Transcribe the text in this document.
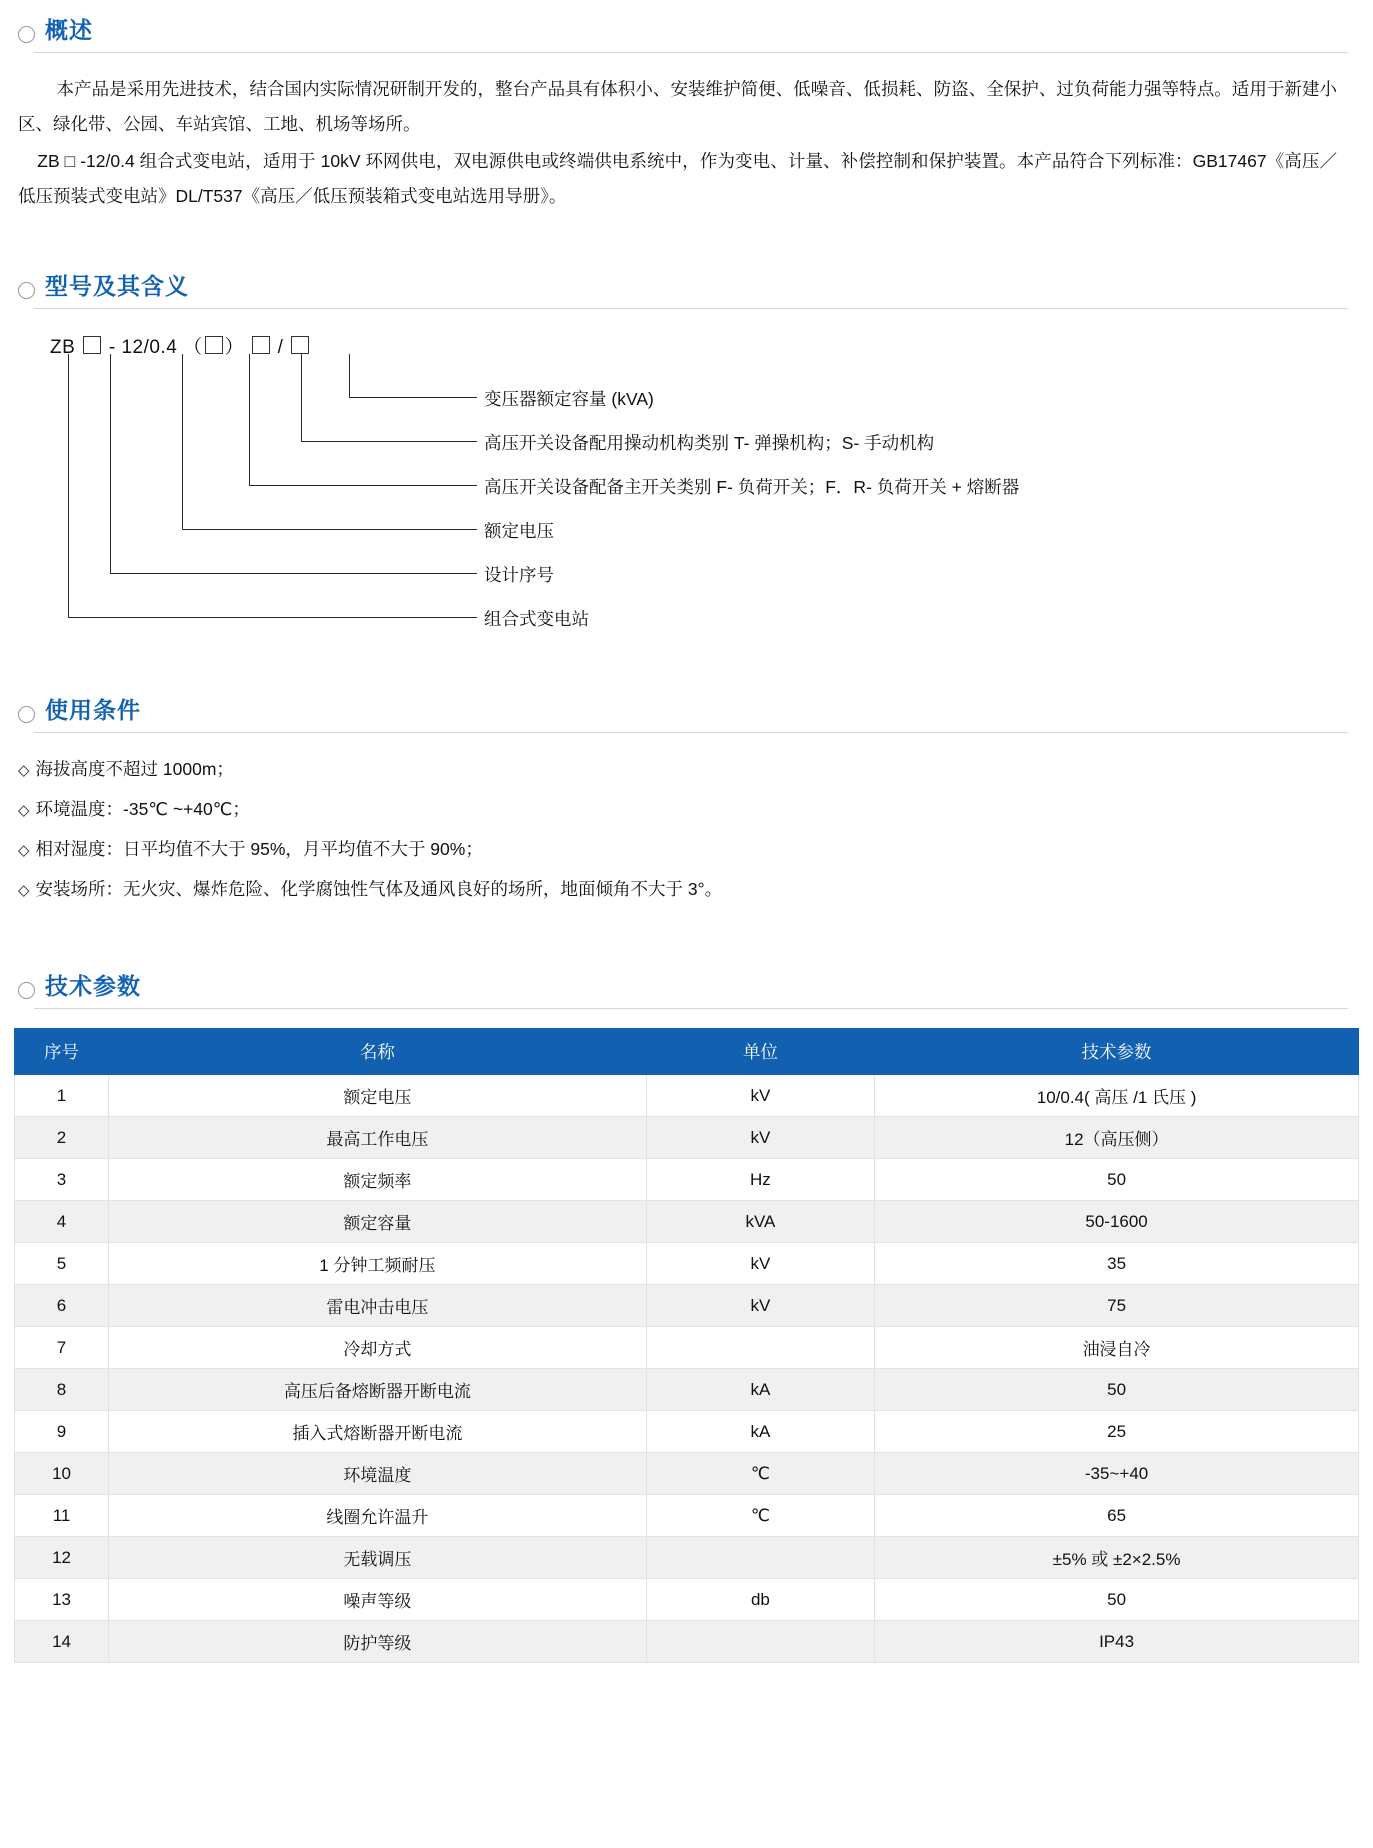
概述

本产品是采用先进技术，结合国内实际情况研制开发的，整台产品具有体积小、安装维护简便、低噪音、低损耗、防盗、全保护、过负荷能力强等特点。适用于新建小区、绿化带、公园、车站宾馆、工地、机场等场所。

ZB □ -12/0.4 组合式变电站，适用于 10kV 环网供电，双电源供电或终端供电系统中，作为变电、计量、补偿控制和保护装置。本产品符合下列标准：GB17467《高压／低压预装式变电站》DL/T537《高压／低压预装箱式变电站选用导册》。

型号及其含义
ZB - 12/0.4 （ ） /
变压器额定容量 (kVA)
高压开关设备配用操动机构类别 T- 弹操机构；S- 手动机构
高压开关设备配备主开关类别 F- 负荷开关；F．R- 负荷开关 + 熔断器
额定电压
设计序号
组合式变电站
使用条件
◇ 海拔高度不超过 1000m；
◇ 环境温度：-35℃ ~+40℃；
◇ 相对湿度：日平均值不大于 95%，月平均值不大于 90%；
◇ 安装场所：无火灾、爆炸危险、化学腐蚀性气体及通风良好的场所，地面倾角不大于 3°。
技术参数
序号	名称	单位	技术参数
1	额定电压	kV	10/0.4( 高压 /1 氏压 )
2	最高工作电压	kV	12（高压侧）
3	额定频率	Hz	50
4	额定容量	kVA	50-1600
5	1 分钟工频耐压	kV	35
6	雷电冲击电压	kV	75
7	冷却方式		油浸自冷
8	高压后备熔断器开断电流	kA	50
9	插入式熔断器开断电流	kA	25
10	环境温度	℃	-35~+40
11	线圈允许温升	℃	65
12	无载调压		±5% 或 ±2×2.5%
13	噪声等级	db	50
14	防护等级		IP43
